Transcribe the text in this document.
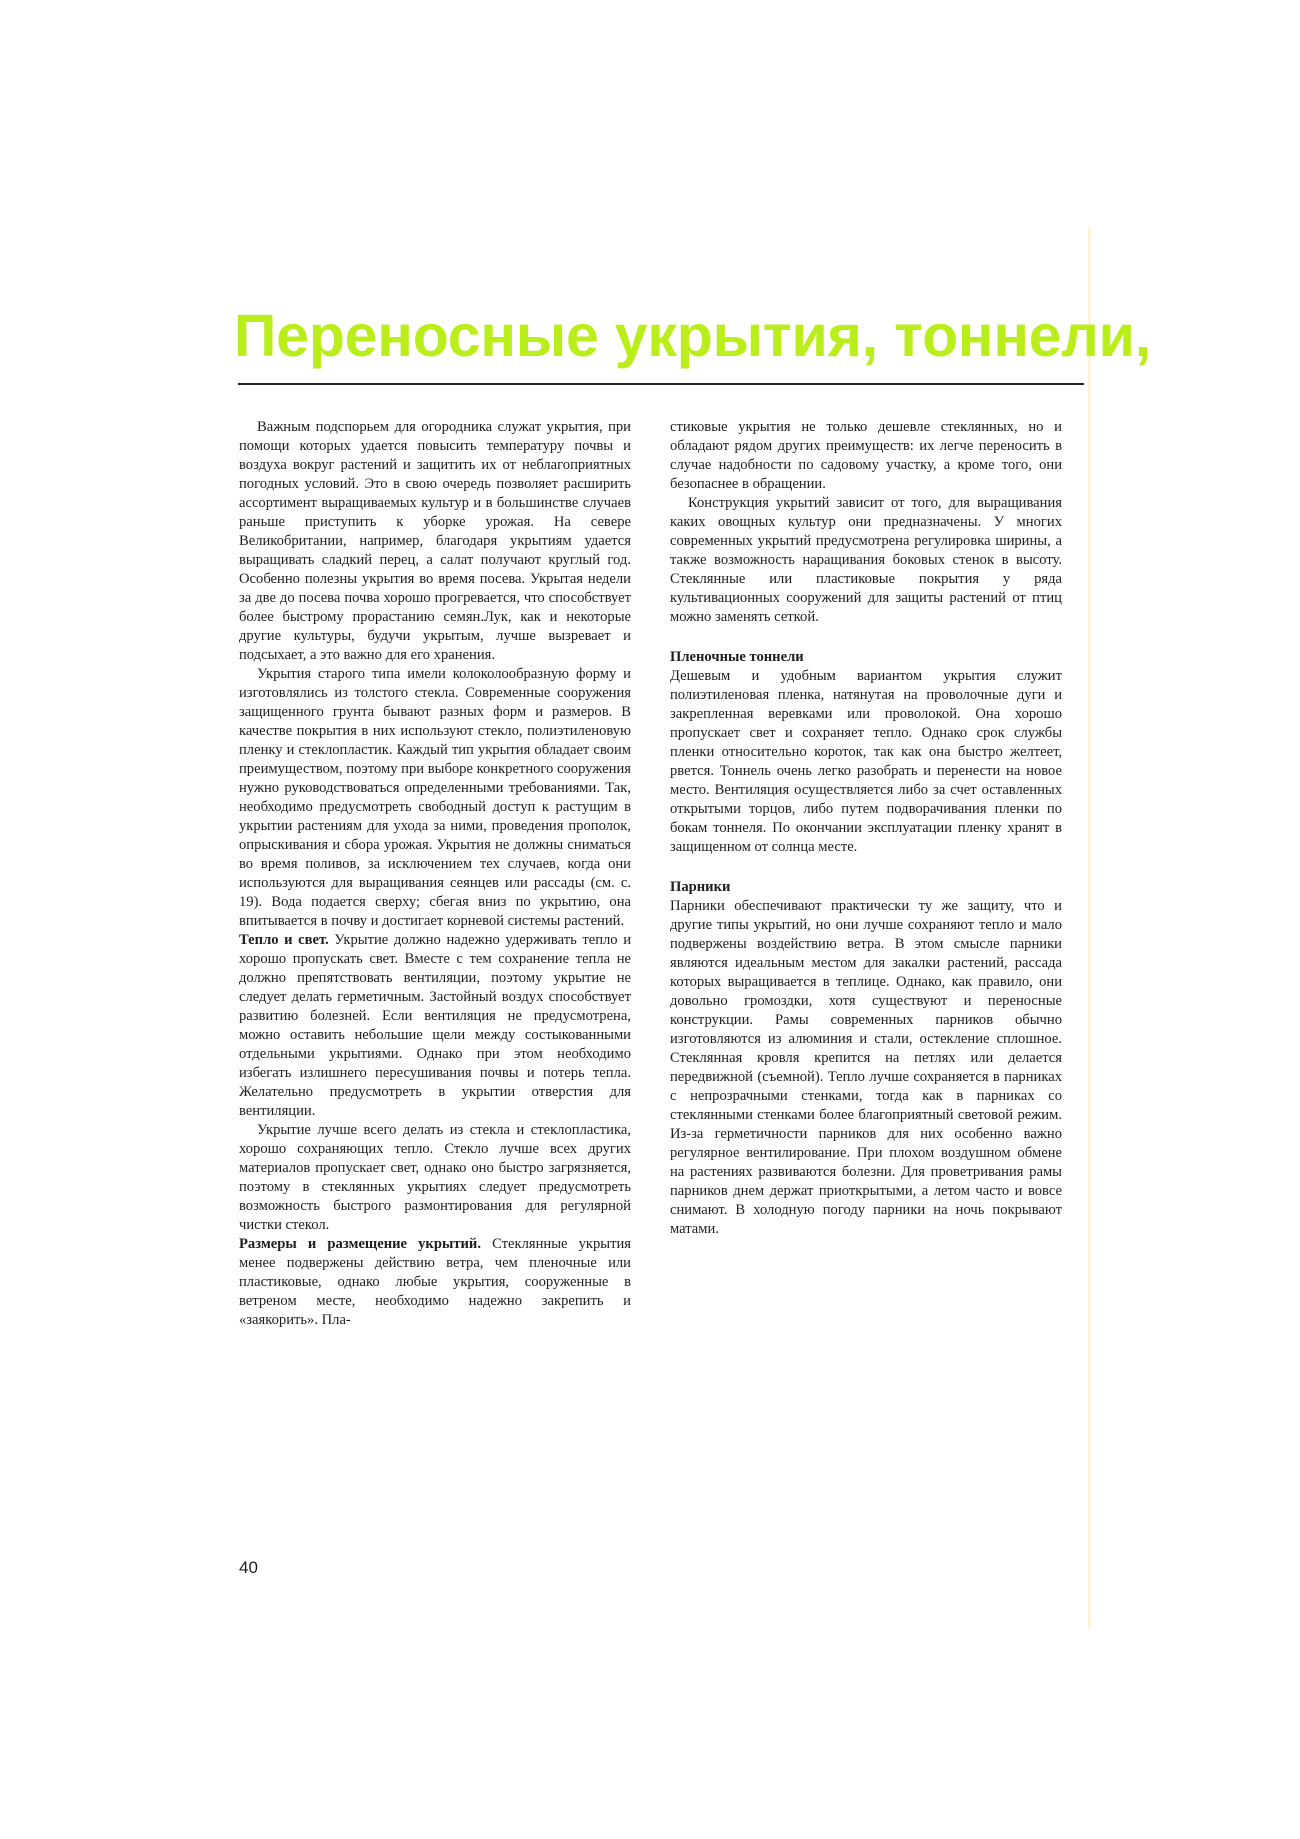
Переносные укрытия, тоннели,

Важным подспорьем для огородника служат укрытия, при помощи которых удается повысить температуру почвы и воздуха вокруг растений и защитить их от неблагоприятных погодных условий. Это в свою очередь позволяет расширить ассортимент выращиваемых культур и в большинстве случаев раньше приступить к уборке урожая. На севере Великобритании, например, благодаря укрытиям удается выращивать сладкий перец, а салат получают круглый год. Особенно полезны укрытия во время посева. Укрытая недели за две до посева почва хорошо прогревается, что способствует более быстрому прорастанию семян.Лук, как и некоторые другие культуры, будучи укрытым, лучше вызревает и подсыхает, а это важно для его хранения.

Укрытия старого типа имели колоколообразную форму и изготовлялись из толстого стекла. Современные сооружения защищенного грунта бывают разных форм и размеров. В качестве покрытия в них используют стекло, полиэтиленовую пленку и стеклопластик. Каждый тип укрытия обладает своим преимуществом, поэтому при выборе конкретного сооружения нужно руководствоваться определенными требованиями. Так, необходимо предусмотреть свободный доступ к растущим в укрытии растениям для ухода за ними, проведения прополок, опрыскивания и сбора урожая. Укрытия не должны сниматься во время поливов, за исключением тех случаев, когда они используются для выращивания сеянцев или рассады (см. с. 19). Вода подается сверху; сбегая вниз по укрытию, она впитывается в почву и достигает корневой системы растений.

Тепло и свет. Укрытие должно надежно удерживать тепло и хорошо пропускать свет. Вместе с тем сохранение тепла не должно препятствовать вентиляции, поэтому укрытие не следует делать герметичным. Застойный воздух способствует развитию болезней. Если вентиляция не предусмотрена, можно оставить небольшие щели между состыкованными отдельными укрытиями. Однако при этом необходимо избегать излишнего пересушивания почвы и потерь тепла. Желательно предусмотреть в укрытии отверстия для вентиляции.

Укрытие лучше всего делать из стекла и стеклопластика, хорошо сохраняющих тепло. Стекло лучше всех других материалов пропускает свет, однако оно быстро загрязняется, поэтому в стеклянных укрытиях следует предусмотреть возможность быстрого размонтирования для регулярной чистки стекол.

Размеры и размещение укрытий. Стеклянные укрытия менее подвержены действию ветра, чем пленочные или пластиковые, однако любые укрытия, сооруженные в ветреном месте, необходимо надежно закрепить и «заякорить». Пла-

стиковые укрытия не только дешевле стеклянных, но и обладают рядом других преимуществ: их легче переносить в случае надобности по садовому участку, а кроме того, они безопаснее в обращении.

Конструкция укрытий зависит от того, для выращивания каких овощных культур они предназначены. У многих современных укрытий предусмотрена регулировка ширины, а также возможность наращивания боковых стенок в высоту. Стеклянные или пластиковые покрытия у ряда культивационных сооружений для защиты растений от птиц можно заменять сеткой.

Пленочные тоннели

Дешевым и удобным вариантом укрытия служит полиэтиленовая пленка, натянутая на проволочные дуги и закрепленная веревками или проволокой. Она хорошо пропускает свет и сохраняет тепло. Однако срок службы пленки относительно короток, так как она быстро желтеет, рвется. Тоннель очень легко разобрать и перенести на новое место. Вентиляция осуществляется либо за счет оставленных открытыми торцов, либо путем подворачивания пленки по бокам тоннеля. По окончании эксплуатации пленку хранят в защищенном от солнца месте.

Парники

Парники обеспечивают практически ту же защиту, что и другие типы укрытий, но они лучше сохраняют тепло и мало подвержены воздействию ветра. В этом смысле парники являются идеальным местом для закалки растений, рассада которых выращивается в теплице. Однако, как правило, они довольно громоздки, хотя существуют и переносные конструкции. Рамы современных парников обычно изготовляются из алюминия и стали, остекление сплошное. Стеклянная кровля крепится на петлях или делается передвижной (съемной). Тепло лучше сохраняется в парниках с непрозрачными стенками, тогда как в парниках со стеклянными стенками более благоприятный световой режим. Из-за герметичности парников для них особенно важно регулярное вентилирование. При плохом воздушном обмене на растениях развиваются болезни. Для проветривания рамы парников днем держат приоткрытыми, а летом часто и вовсе снимают. В холодную погоду парники на ночь покрывают матами.

40
